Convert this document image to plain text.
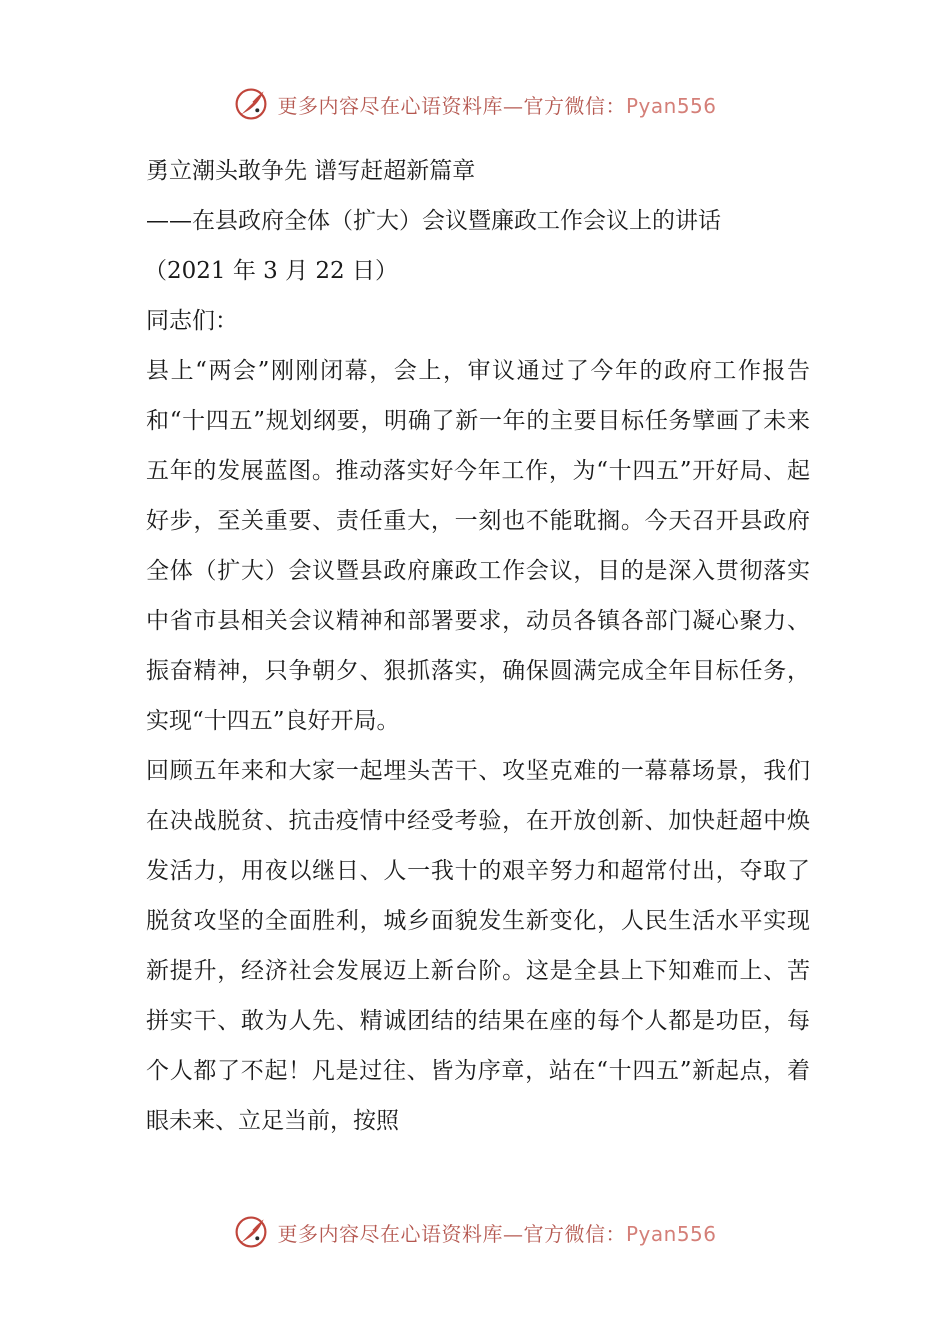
更多内容尽在心语资料库—官方微信：Pyan556

勇立潮头敢争先 谱写赶超新篇章

——在县政府全体（扩大）会议暨廉政工作会议上的讲话

（2021 年 3 月 22 日）

同志们：

县上“两会”刚刚闭幕，会上，审议通过了今年的政府工作报告和“十四五”规划纲要，明确了新一年的主要目标任务擘画了未来五年的发展蓝图。推动落实好今年工作，为“十四五”开好局、起好步，至关重要、责任重大，一刻也不能耽搁。今天召开县政府全体（扩大）会议暨县政府廉政工作会议，目的是深入贯彻落实中省市县相关会议精神和部署要求，动员各镇各部门凝心聚力、振奋精神，只争朝夕、狠抓落实，确保圆满完成全年目标任务，实现“十四五”良好开局。

回顾五年来和大家一起埋头苦干、攻坚克难的一幕幕场景，我们在决战脱贫、抗击疫情中经受考验，在开放创新、加快赶超中焕发活力，用夜以继日、人一我十的艰辛努力和超常付出，夺取了脱贫攻坚的全面胜利，城乡面貌发生新变化，人民生活水平实现新提升，经济社会发展迈上新台阶。这是全县上下知难而上、苦拼实干、敢为人先、精诚团结的结果在座的每个人都是功臣，每个人都了不起！凡是过往、皆为序章，站在“十四五”新起点，着眼未来、立足当前，按照

更多内容尽在心语资料库—官方微信：Pyan556
